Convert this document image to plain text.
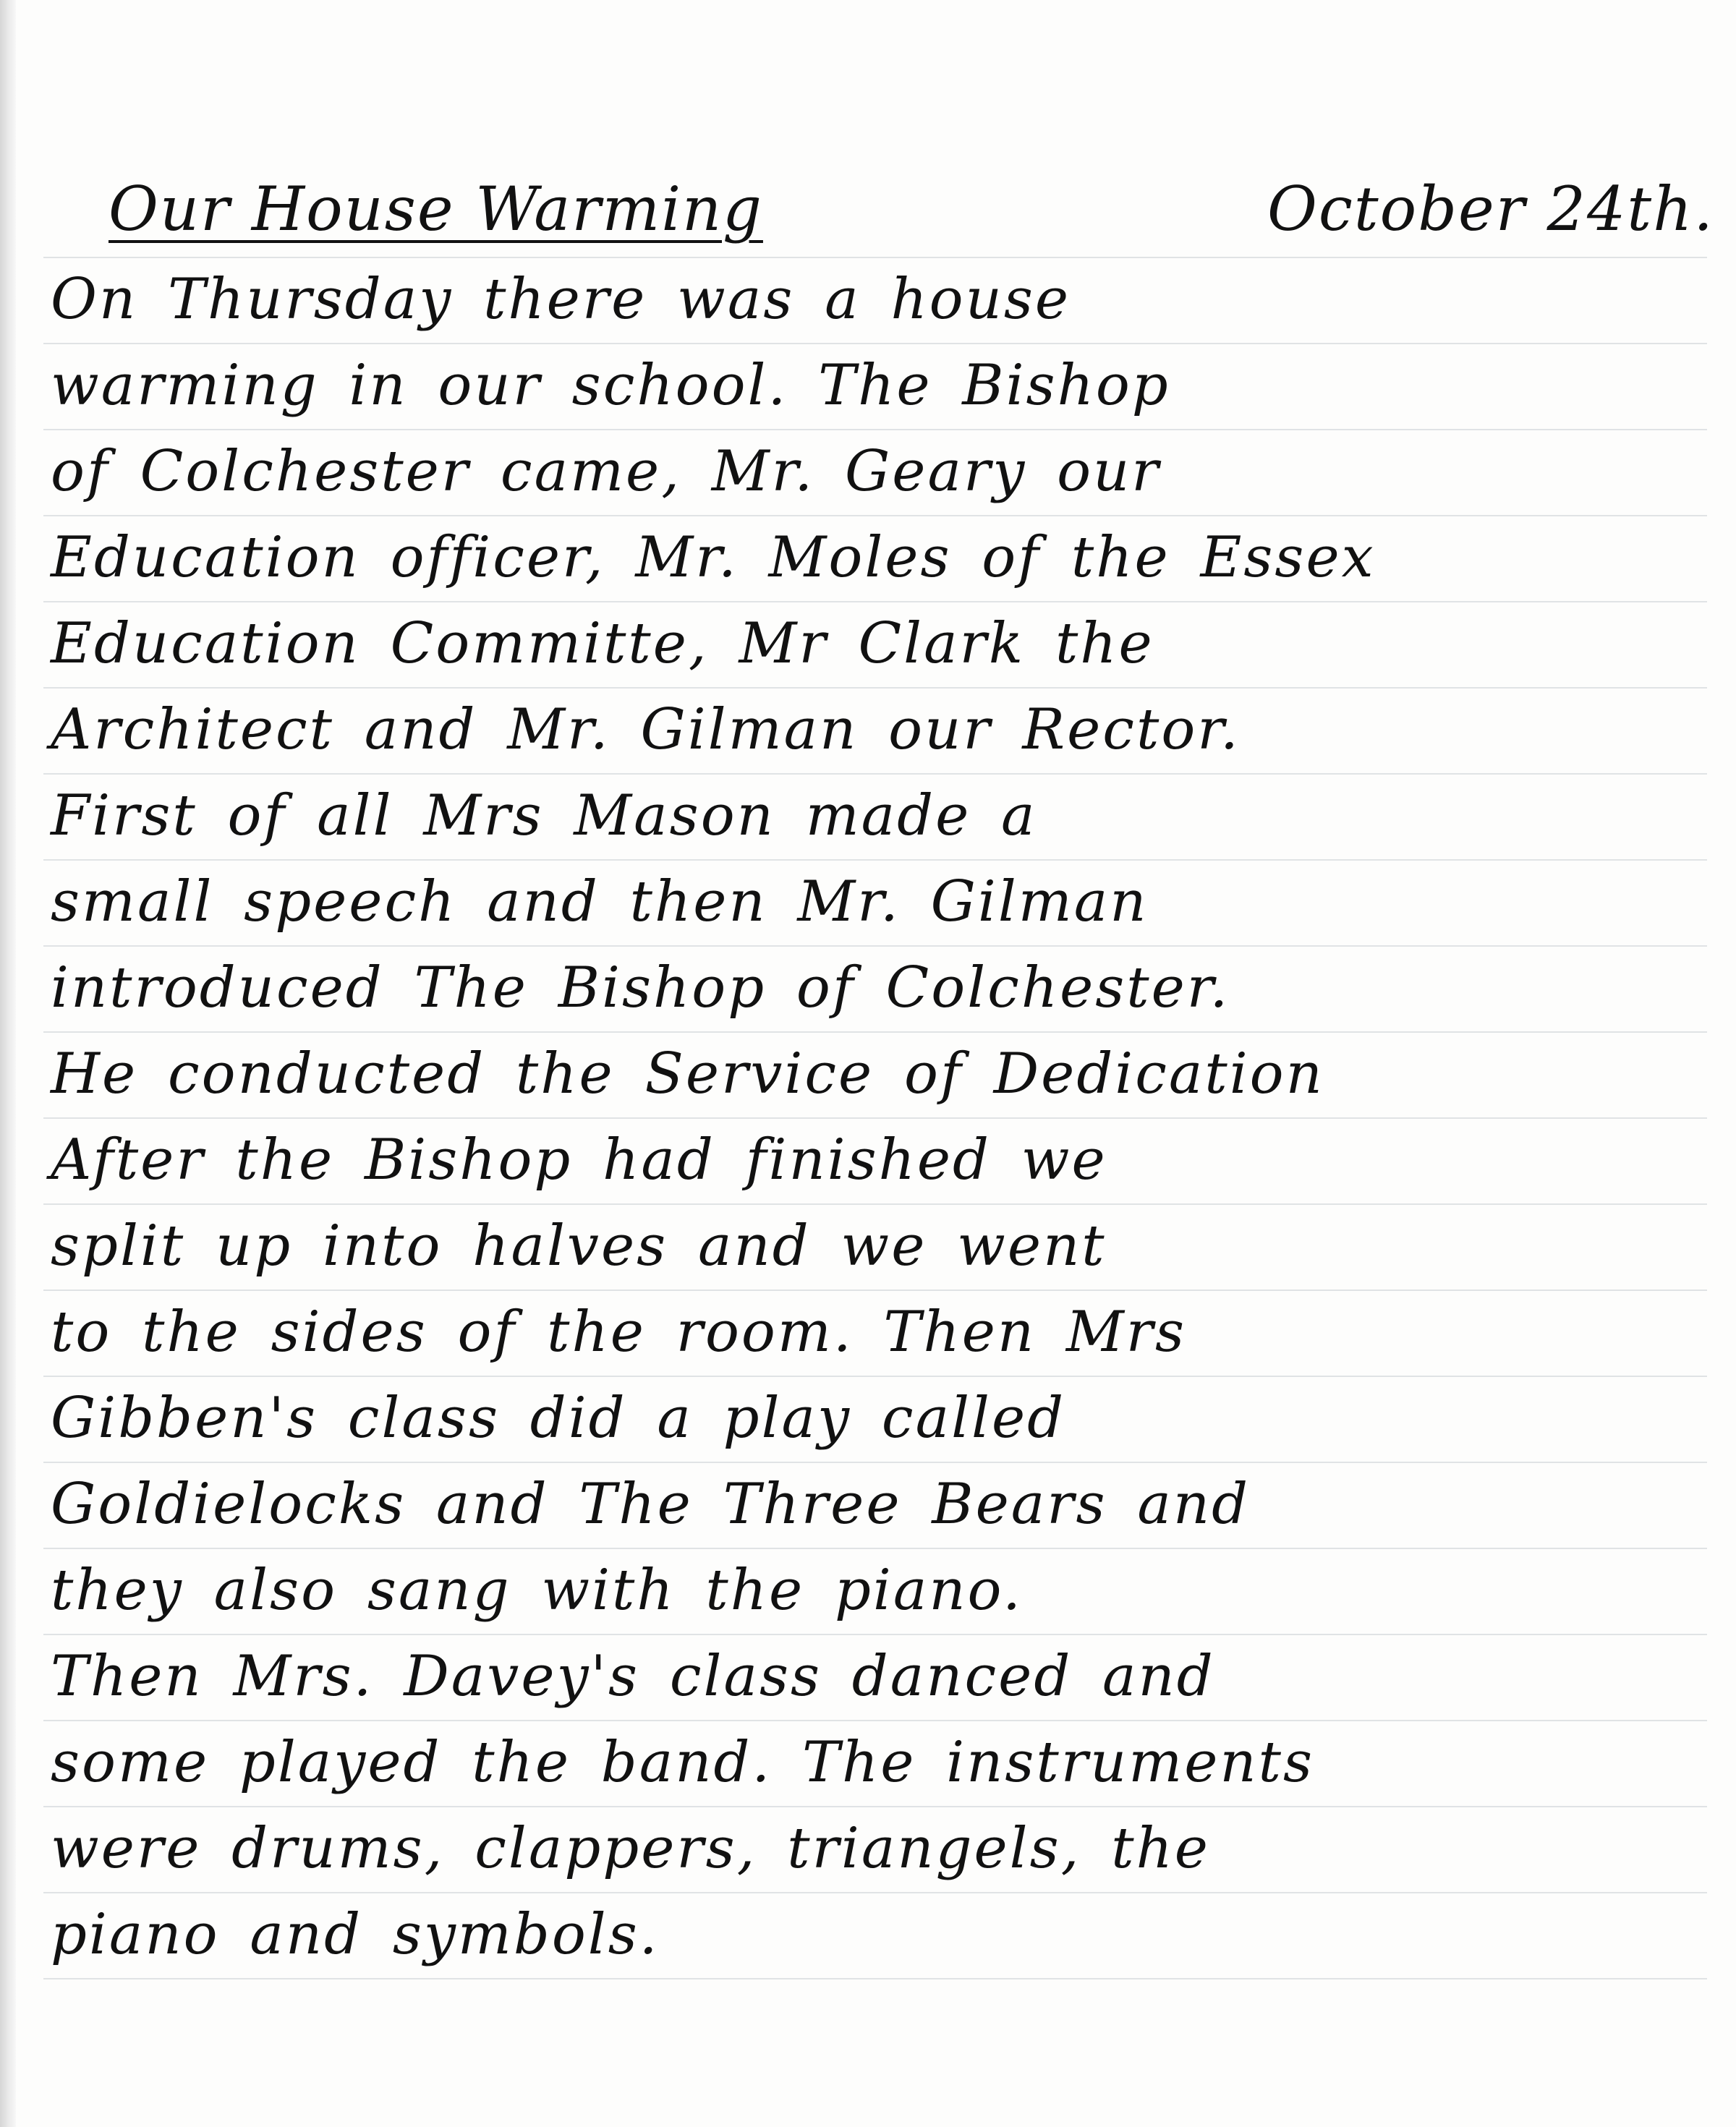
Our House Warming	October 24th.
On Thursday there was a house
warming in our school. The Bishop
of Colchester came, Mr. Geary our
Education officer, Mr. Moles of the Essex
Education Committe, Mr Clark the
Architect and Mr. Gilman our Rector.
First of all Mrs Mason made a
small speech and then Mr. Gilman
introduced The Bishop of Colchester.
He conducted the Service of Dedication
After the Bishop had finished we
split up into halves and we went
to the sides of the room. Then Mrs
Gibben's class did a play called
Goldielocks and The Three Bears and
they also sang with the piano.
Then Mrs. Davey's class danced and
some played the band. The instruments
were drums, clappers, triangels, the
piano and symbols.
